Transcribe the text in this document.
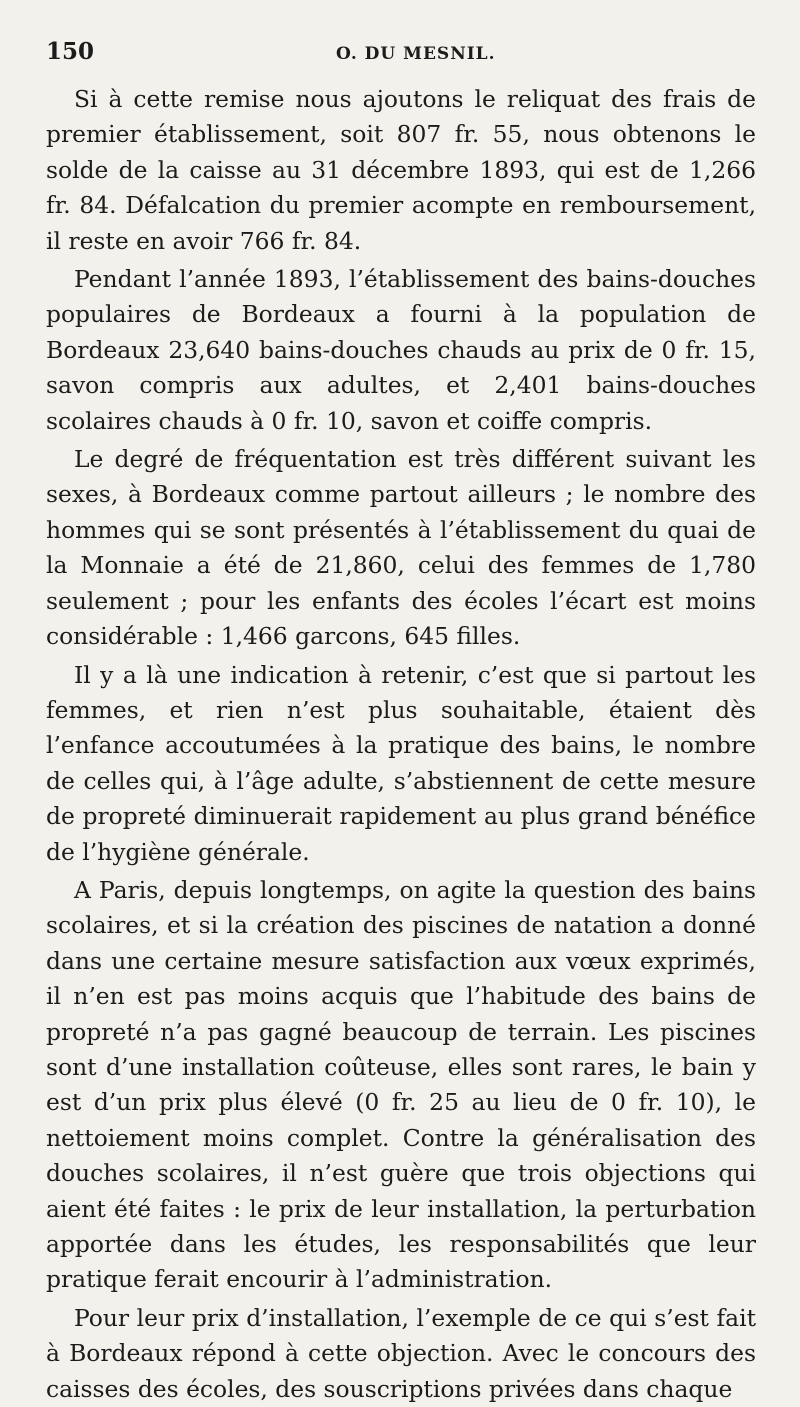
150	O. DU MESNIL.

Si à cette remise nous ajoutons le reliquat des frais de premier établissement, soit 807 fr. 55, nous obtenons le solde de la caisse au 31 décembre 1893, qui est de 1,266 fr. 84. Défalcation du premier acompte en remboursement, il reste en avoir 766 fr. 84.

Pendant l’année 1893, l’établissement des bains-douches populaires de Bordeaux a fourni à la population de Bordeaux 23,640 bains-douches chauds au prix de 0 fr. 15, savon compris aux adultes, et 2,401 bains-douches scolaires chauds à 0 fr. 10, savon et coiffe compris.

Le degré de fréquentation est très différent suivant les sexes, à Bordeaux comme partout ailleurs ; le nombre des hommes qui se sont présentés à l’établissement du quai de la Monnaie a été de 21,860, celui des femmes de 1,780 seulement ; pour les enfants des écoles l’écart est moins considérable : 1,466 garcons, 645 filles.

Il y a là une indication à retenir, c’est que si partout les femmes, et rien n’est plus souhaitable, étaient dès l’enfance accoutumées à la pratique des bains, le nombre de celles qui, à l’âge adulte, s’abstiennent de cette mesure de propreté diminuerait rapidement au plus grand bénéfice de l’hygiène générale.

A Paris, depuis longtemps, on agite la question des bains scolaires, et si la création des piscines de natation a donné dans une certaine mesure satisfaction aux vœux exprimés, il n’en est pas moins acquis que l’habitude des bains de propreté n’a pas gagné beaucoup de terrain. Les piscines sont d’une installation coûteuse, elles sont rares, le bain y est d’un prix plus élevé (0 fr. 25 au lieu de 0 fr. 10), le nettoiement moins complet. Contre la généralisation des douches scolaires, il n’est guère que trois objections qui aient été faites : le prix de leur installation, la perturbation apportée dans les études, les responsabilités que leur pratique ferait encourir à l’administration.

Pour leur prix d’installation, l’exemple de ce qui s’est fait à Bordeaux répond à cette objection. Avec le concours des caisses des écoles, des souscriptions privées dans chaque
